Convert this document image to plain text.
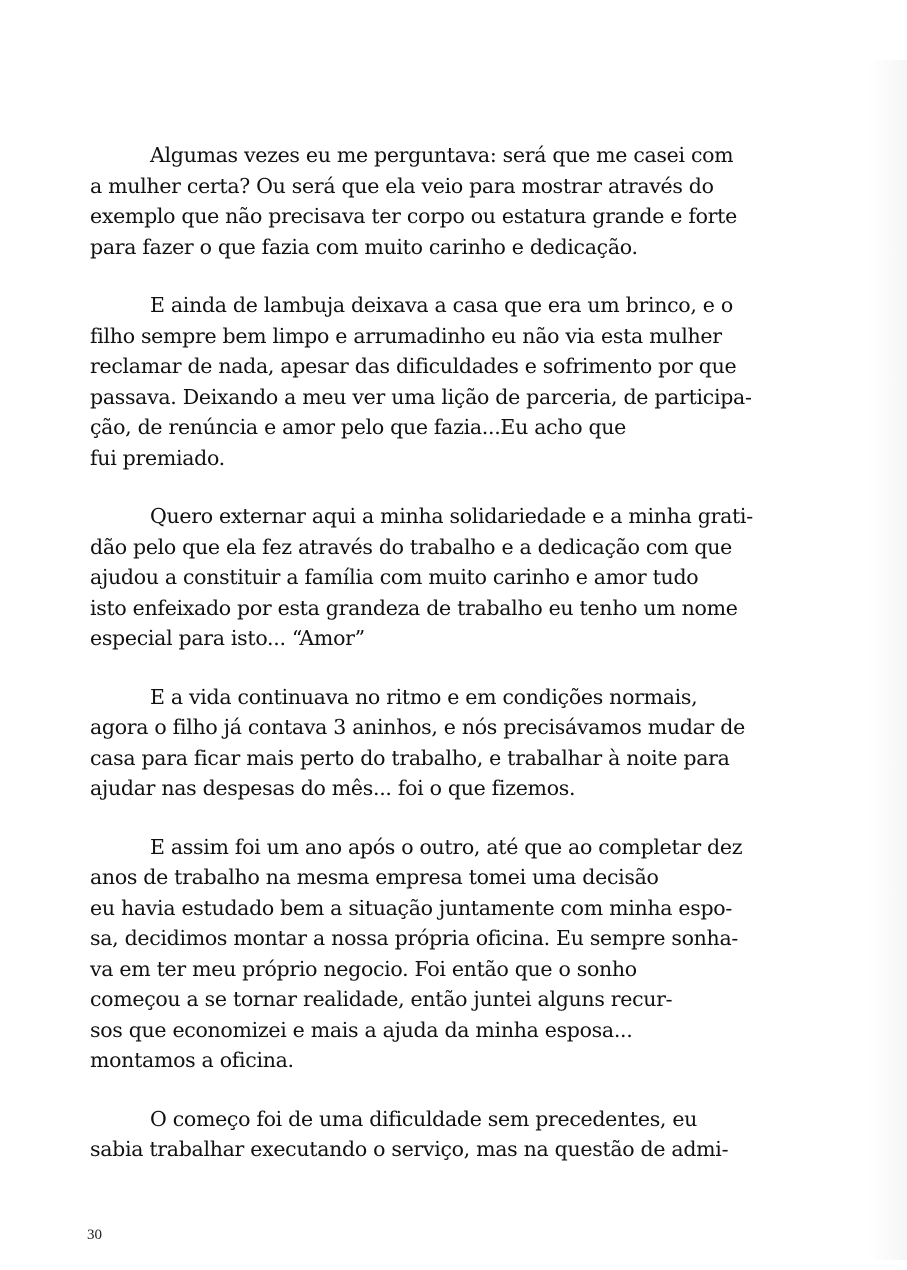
Algumas vezes eu me perguntava: será que me casei com
a mulher certa? Ou será que ela veio para mostrar através do
exemplo que não precisava ter corpo ou estatura grande e forte
para fazer o que fazia com muito carinho e dedicação.

E ainda de lambuja deixava a casa que era um brinco, e o
filho sempre bem limpo e arrumadinho eu não via esta mulher
reclamar de nada, apesar das dificuldades e sofrimento por que
passava. Deixando a meu ver uma lição de parceria, de participa-
ção, de renúncia e amor pelo que fazia...Eu acho que
fui premiado.

Quero externar aqui a minha solidariedade e a minha grati-
dão pelo que ela fez através do trabalho e a dedicação com que
ajudou a constituir a família com muito carinho e amor tudo
isto enfeixado por esta grandeza de trabalho eu tenho um nome
especial para isto... “Amor”

E a vida continuava no ritmo e em condições normais,
agora o filho já contava 3 aninhos, e nós precisávamos mudar de
casa para ficar mais perto do trabalho, e trabalhar à noite para
ajudar nas despesas do mês... foi o que fizemos.

E assim foi um ano após o outro, até que ao completar dez
anos de trabalho na mesma empresa tomei uma decisão
eu havia estudado bem a situação juntamente com minha espo-
sa, decidimos montar a nossa própria oficina. Eu sempre sonha-
va em ter meu próprio negocio. Foi então que o sonho
começou a se tornar realidade, então juntei alguns recur-
sos que economizei e mais a ajuda da minha esposa...
montamos a oficina.

O começo foi de uma dificuldade sem precedentes, eu
sabia trabalhar executando o serviço, mas na questão de admi-

30
